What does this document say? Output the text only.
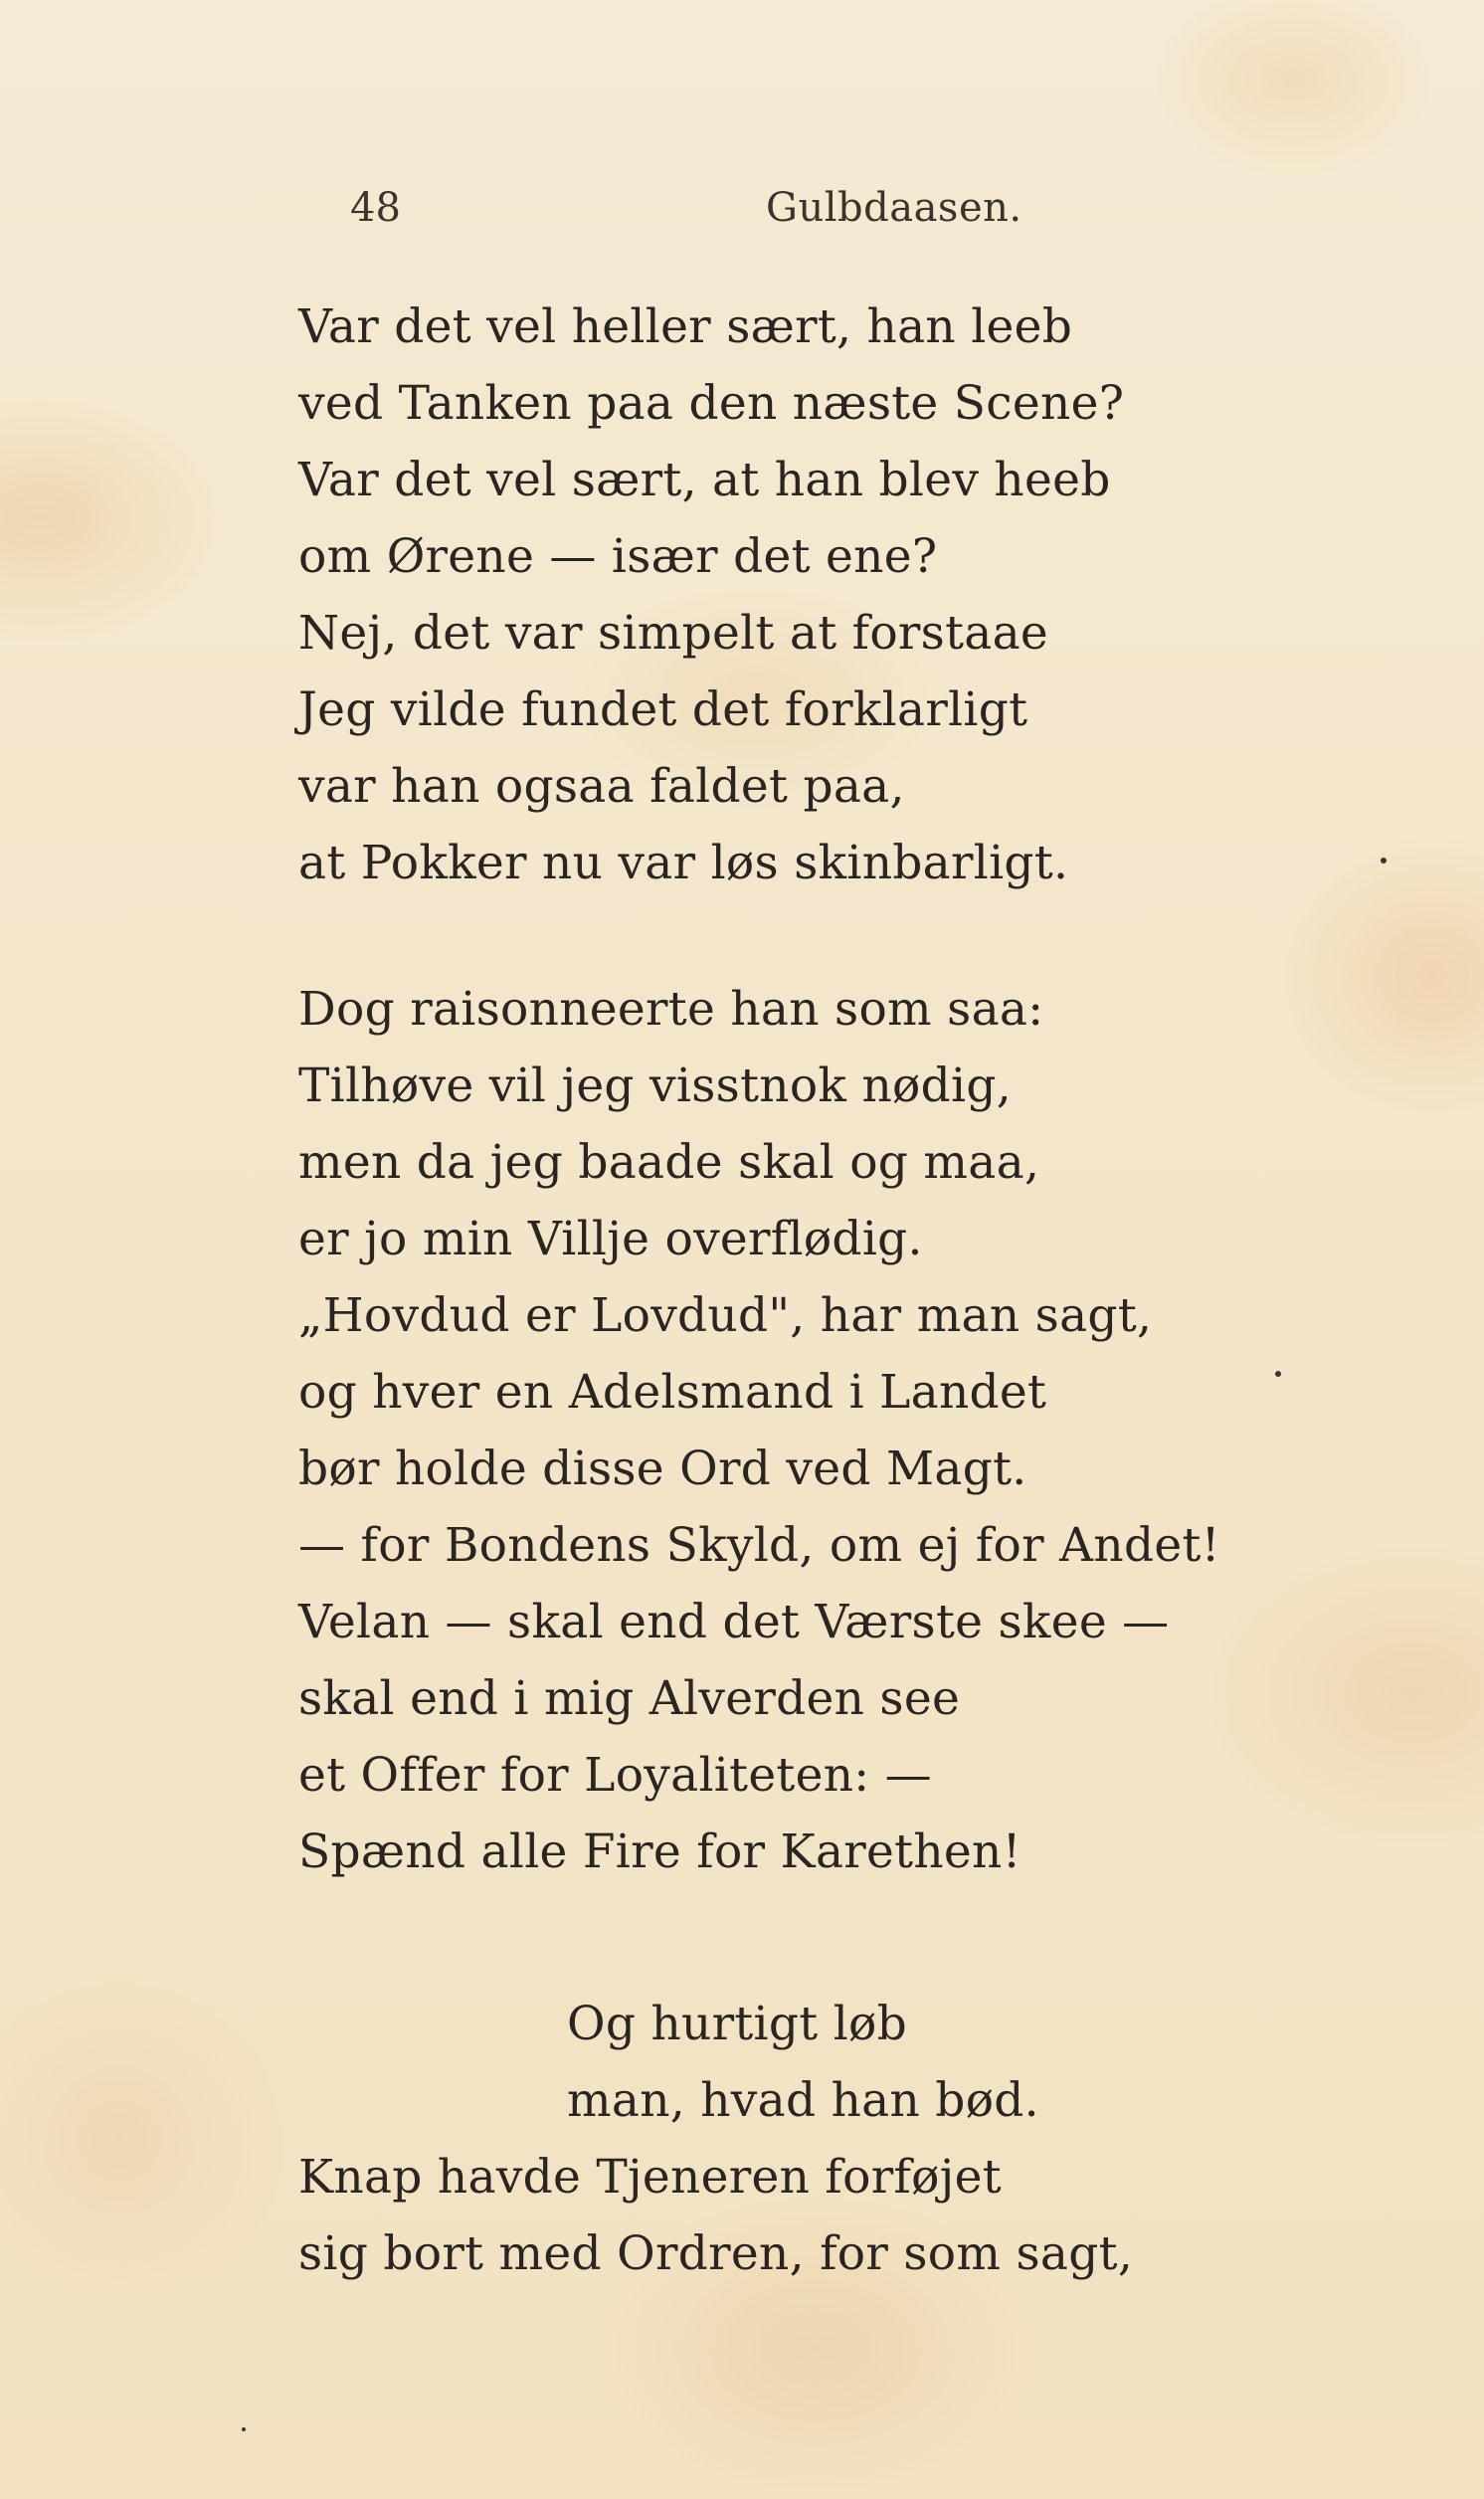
48	Gulbdaasen.
Var det vel heller sært, han leeb
ved Tanken paa den næste Scene?
Var det vel sært, at han blev heeb
om Ørene — især det ene?
Nej, det var simpelt at forstaae
Jeg vilde fundet det forklarligt
var han ogsaa faldet paa,
at Pokker nu var løs skinbarligt.
Dog raisonneerte han som saa:
Tilhøve vil jeg visstnok nødig,
men da jeg baade skal og maa,
er jo min Villje overflødig.
„Hovdud er Lovdud", har man sagt,
og hver en Adelsmand i Landet
bør holde disse Ord ved Magt.
— for Bondens Skyld, om ej for Andet!
Velan — skal end det Værste skee —
skal end i mig Alverden see
et Offer for Loyaliteten: —
Spænd alle Fire for Karethen!
Og hurtigt løb
man, hvad han bød.
Knap havde Tjeneren forføjet
sig bort med Ordren, for som sagt,
